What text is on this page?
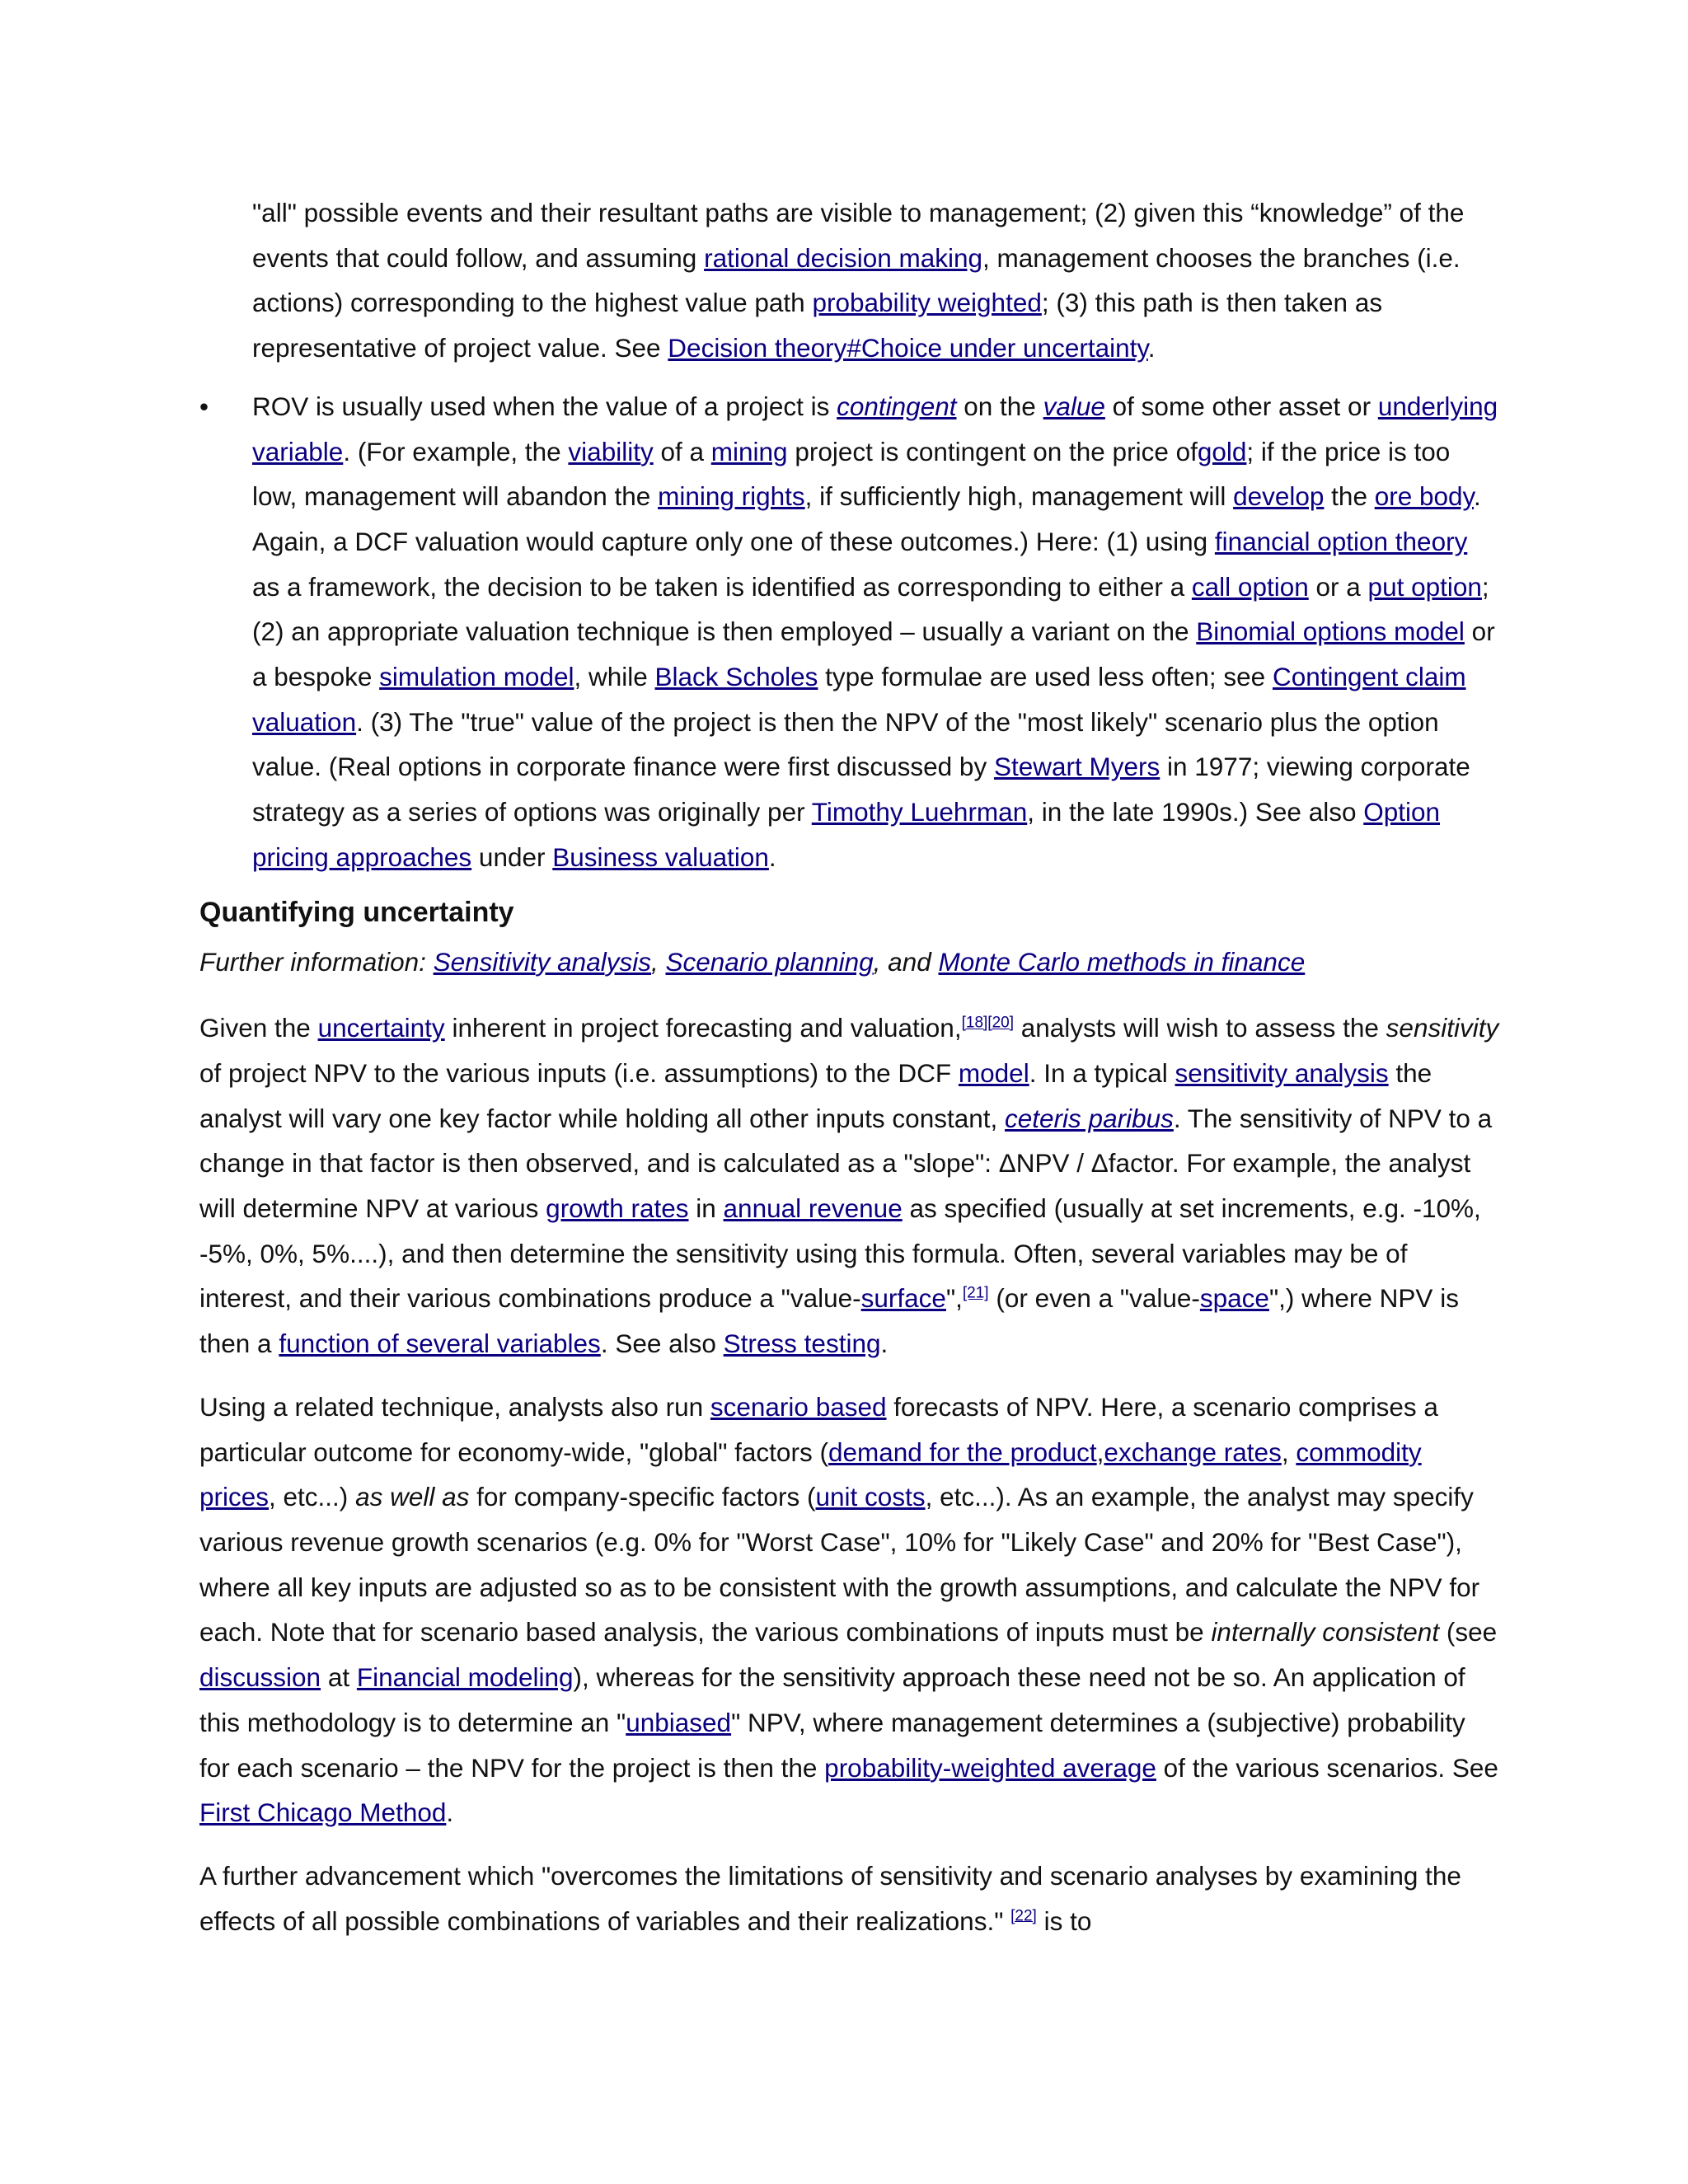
"all" possible events and their resultant paths are visible to management; (2) given this “knowledge” of the events that could follow, and assuming rational decision making, management chooses the branches (i.e. actions) corresponding to the highest value path probability weighted; (3) this path is then taken as representative of project value. See Decision theory#Choice under uncertainty.

• ROV is usually used when the value of a project is contingent on the value of some other asset or underlying variable. (For example, the viability of a mining project is contingent on the price ofgold; if the price is too low, management will abandon the mining rights, if sufficiently high, management will develop the ore body. Again, a DCF valuation would capture only one of these outcomes.) Here: (1) using financial option theory as a framework, the decision to be taken is identified as corresponding to either a call option or a put option; (2) an appropriate valuation technique is then employed – usually a variant on the Binomial options model or a bespoke simulation model, while Black Scholes type formulae are used less often; see Contingent claim valuation. (3) The "true" value of the project is then the NPV of the "most likely" scenario plus the option value. (Real options in corporate finance were first discussed by Stewart Myers in 1977; viewing corporate strategy as a series of options was originally per Timothy Luehrman, in the late 1990s.) See also Option pricing approaches under Business valuation.

Quantifying uncertainty

Further information: Sensitivity analysis, Scenario planning, and Monte Carlo methods in finance

Given the uncertainty inherent in project forecasting and valuation,[18][20] analysts will wish to assess the sensitivity of project NPV to the various inputs (i.e. assumptions) to the DCF model. In a typical sensitivity analysis the analyst will vary one key factor while holding all other inputs constant, ceteris paribus. The sensitivity of NPV to a change in that factor is then observed, and is calculated as a "slope": ΔNPV / Δfactor. For example, the analyst will determine NPV at various growth rates in annual revenue as specified (usually at set increments, e.g. -10%, -5%, 0%, 5%....), and then determine the sensitivity using this formula. Often, several variables may be of interest, and their various combinations produce a "value-surface",[21] (or even a "value-space",) where NPV is then a function of several variables. See also Stress testing.

Using a related technique, analysts also run scenario based forecasts of NPV. Here, a scenario comprises a particular outcome for economy-wide, "global" factors (demand for the product,exchange rates, commodity prices, etc...) as well as for company-specific factors (unit costs, etc...). As an example, the analyst may specify various revenue growth scenarios (e.g. 0% for "Worst Case", 10% for "Likely Case" and 20% for "Best Case"), where all key inputs are adjusted so as to be consistent with the growth assumptions, and calculate the NPV for each. Note that for scenario based analysis, the various combinations of inputs must be internally consistent (see discussion at Financial modeling), whereas for the sensitivity approach these need not be so. An application of this methodology is to determine an "unbiased" NPV, where management determines a (subjective) probability for each scenario – the NPV for the project is then the probability-weighted average of the various scenarios. See First Chicago Method.

A further advancement which "overcomes the limitations of sensitivity and scenario analyses by examining the effects of all possible combinations of variables and their realizations." [22] is to
